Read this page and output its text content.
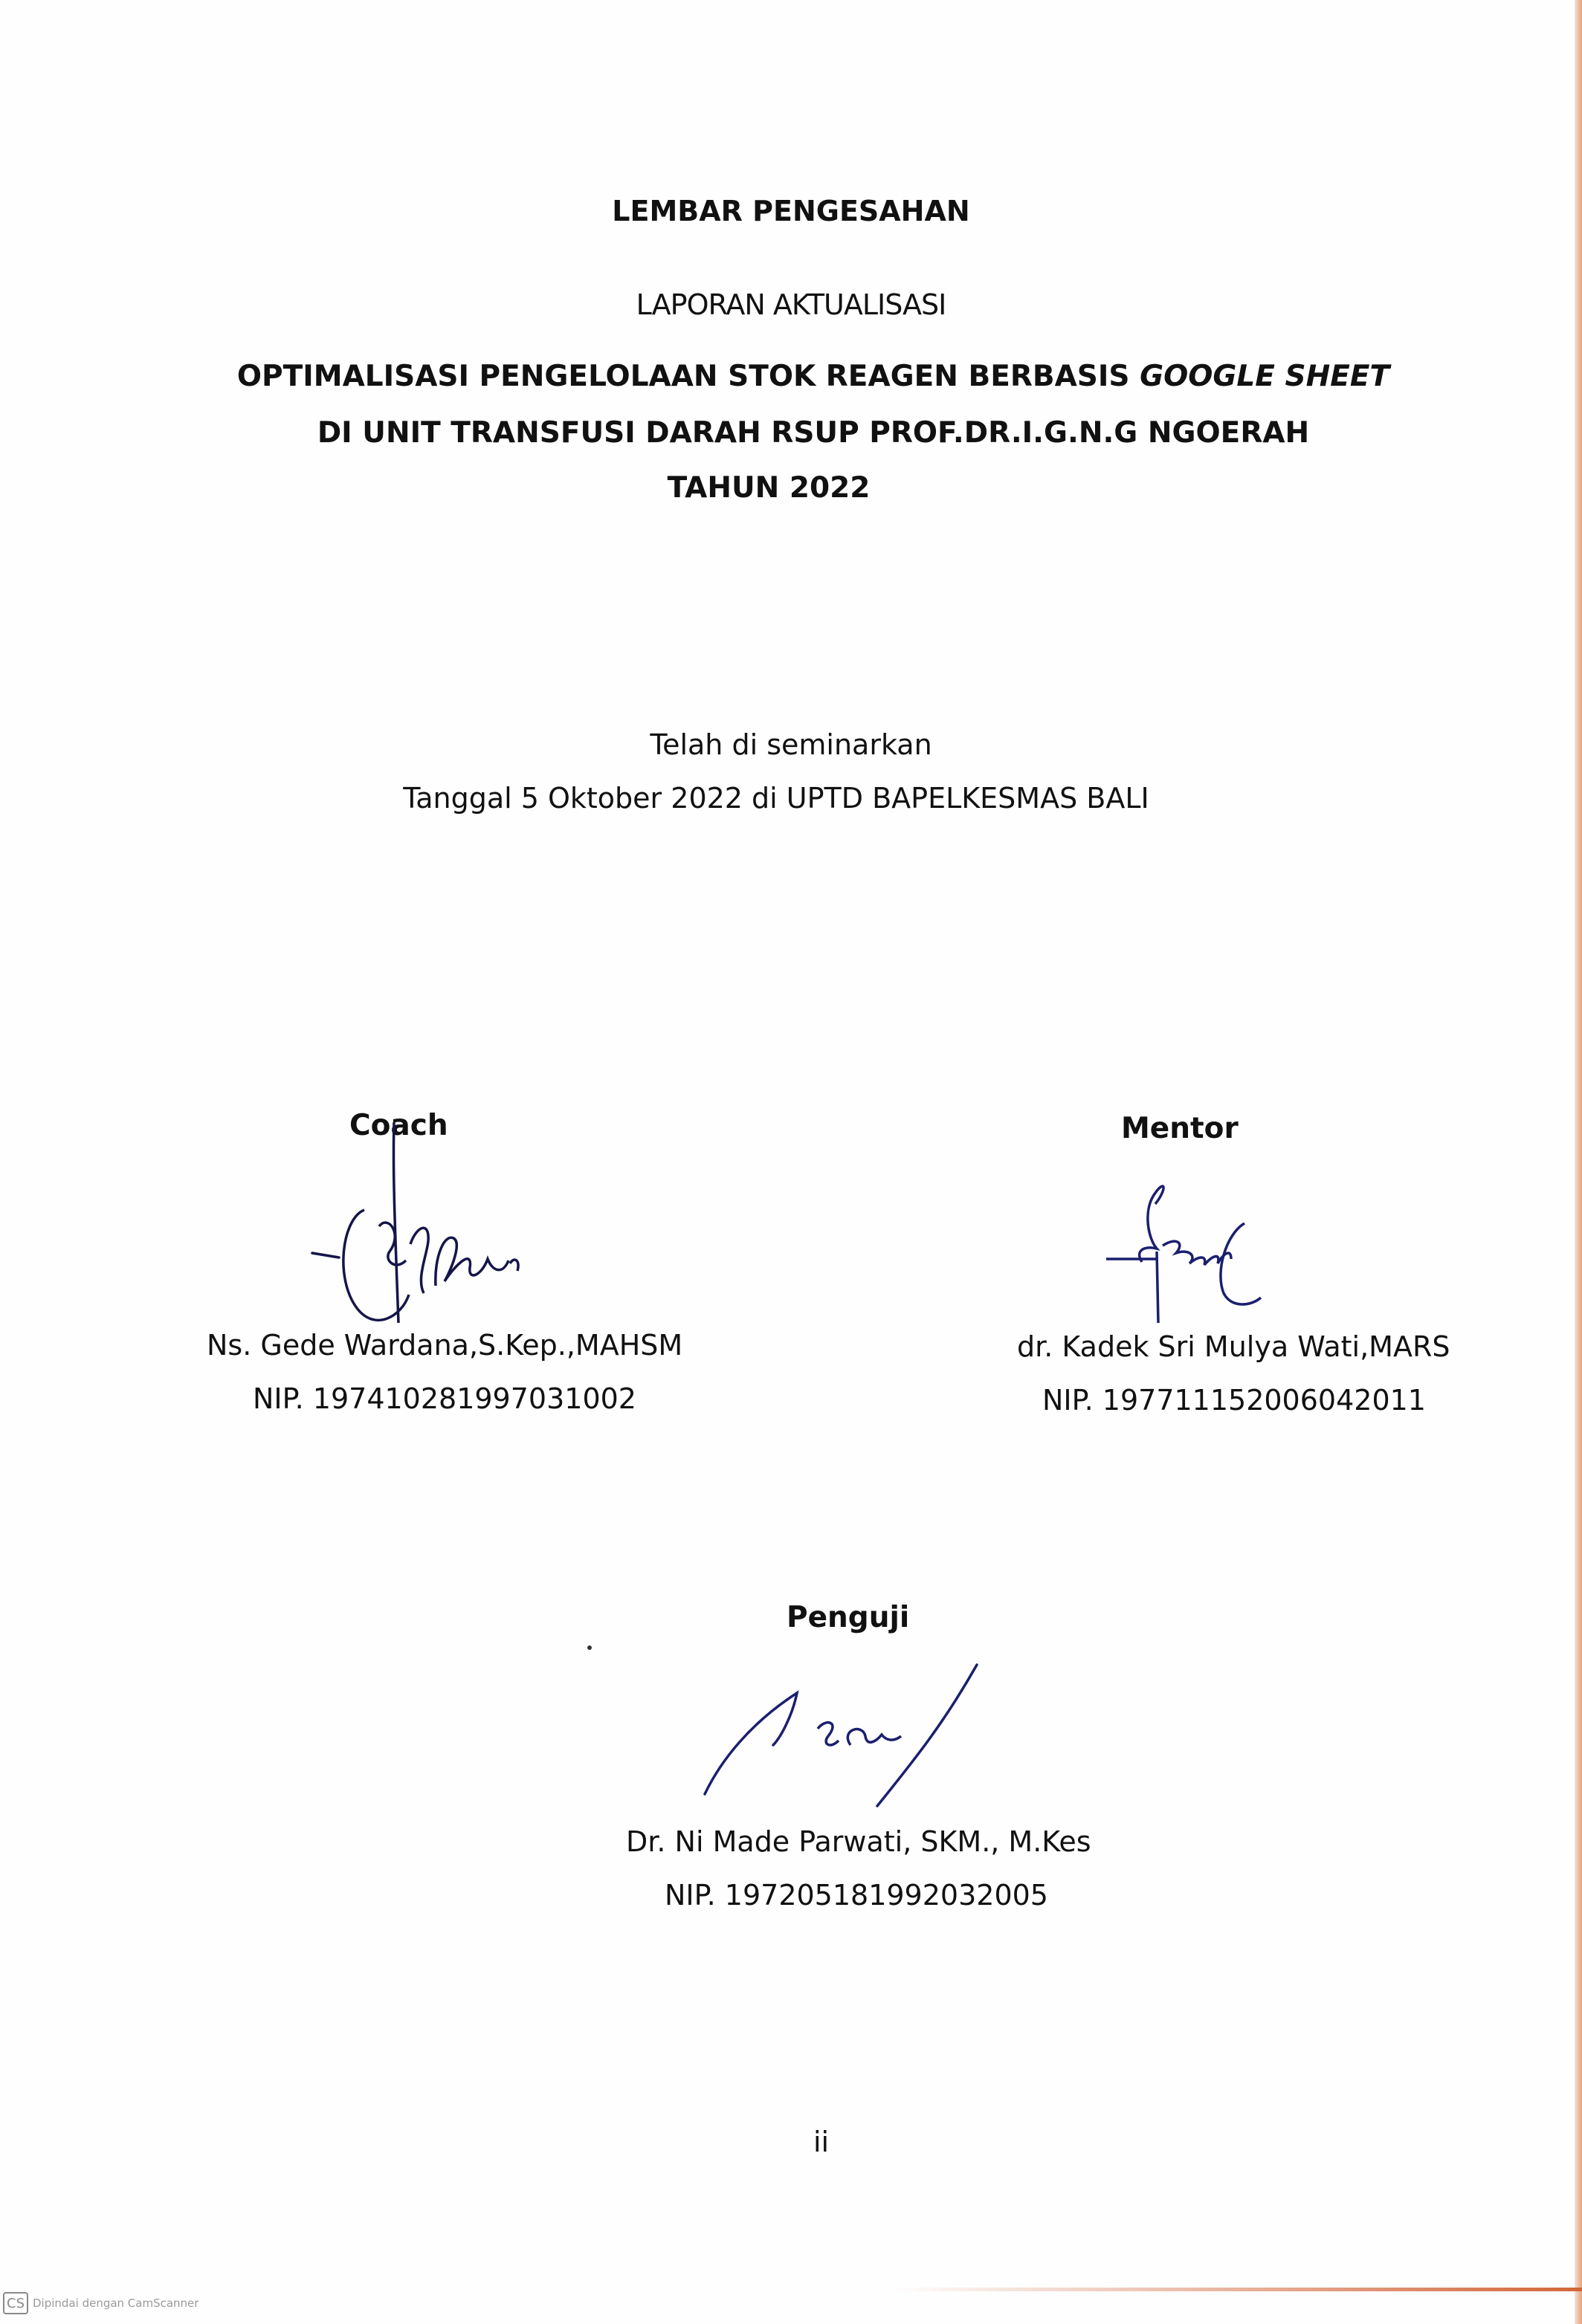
LEMBAR PENGESAHAN
LAPORAN AKTUALISASI
OPTIMALISASI PENGELOLAAN STOK REAGEN BERBASIS GOOGLE SHEET
DI UNIT TRANSFUSI DARAH RSUP PROF.DR.I.G.N.G NGOERAH
TAHUN 2022
Telah di seminarkan
Tanggal 5 Oktober 2022 di UPTD BAPELKESMAS BALI
Coach
Ns. Gede Wardana,S.Kep.,MAHSM
NIP. 197410281997031002
Mentor
dr. Kadek Sri Mulya Wati,MARS
NIP. 197711152006042011
Penguji
Dr. Ni Made Parwati, SKM., M.Kes
NIP. 197205181992032005
ii
CS Dipindai dengan CamScanner
